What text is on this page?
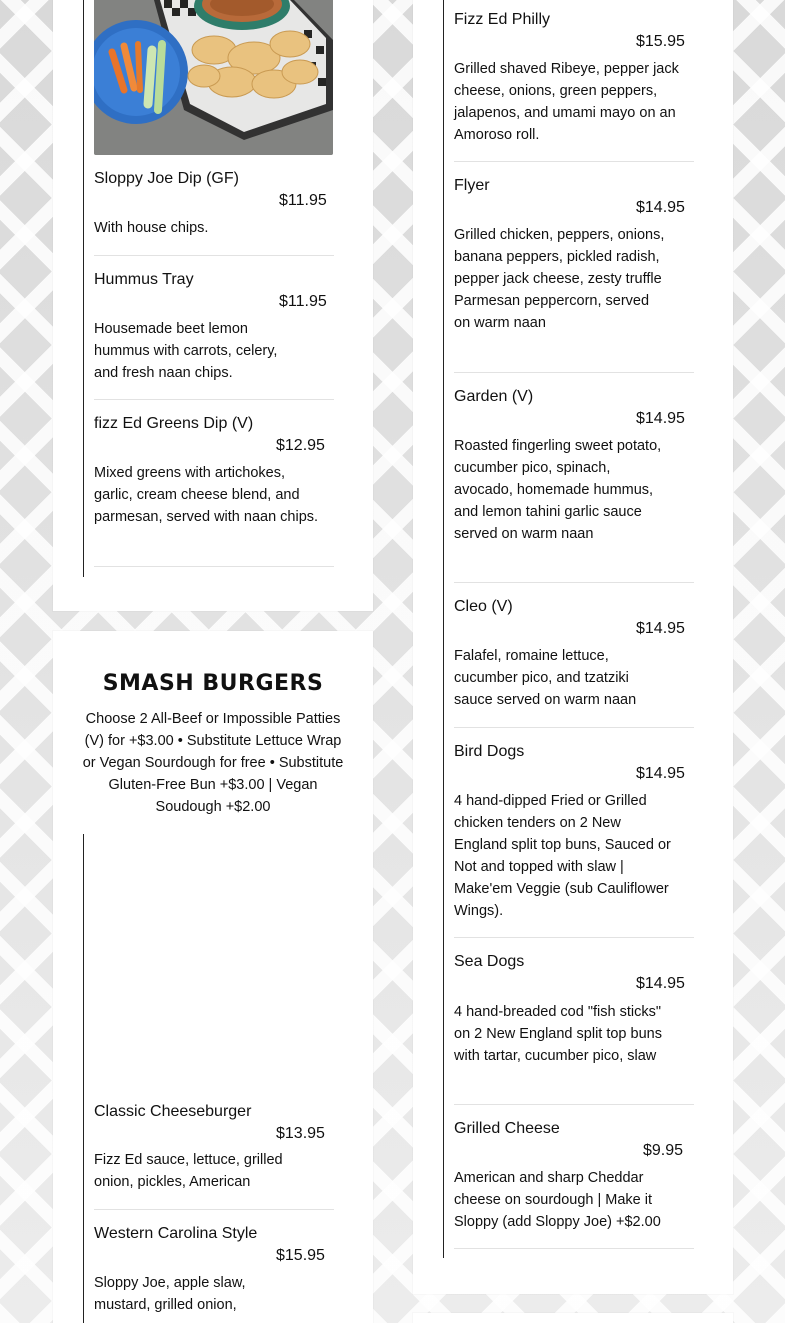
Sloppy Joe Dip (GF)
$11.95
With house chips.
Hummus Tray
$11.95
Housemade beet lemon hummus with carrots, celery, and fresh naan chips.
fizz Ed Greens Dip (V)
$12.95
Mixed greens with artichokes, garlic, cream cheese blend, and parmesan, served with naan chips.
SMASH BURGERS
Choose 2 All-Beef or Impossible Patties (V) for +$3.00 • Substitute Lettuce Wrap or Vegan Sourdough for free • Substitute Gluten-Free Bun +$3.00 | Vegan Soudough +$2.00
Classic Cheeseburger
$13.95
Fizz Ed sauce, lettuce, grilled onion, pickles, American
Western Carolina Style
$15.95
Sloppy Joe, apple slaw, mustard, grilled onion,
Fizz Ed Philly
$15.95
Grilled shaved Ribeye, pepper jack cheese, onions, green peppers, jalapenos, and umami mayo on an Amoroso roll.
Flyer
$14.95
Grilled chicken, peppers, onions, banana peppers, pickled radish, pepper jack cheese, zesty truffle Parmesan peppercorn, served on warm naan
Garden (V)
$14.95
Roasted fingerling sweet potato, cucumber pico, spinach, avocado, homemade hummus, and lemon tahini garlic sauce served on warm naan
Cleo (V)
$14.95
Falafel, romaine lettuce, cucumber pico, and tzatziki sauce served on warm naan
Bird Dogs
$14.95
4 hand-dipped Fried or Grilled chicken tenders on 2 New England split top buns, Sauced or Not and topped with slaw | Make'em Veggie (sub Cauliflower Wings).
Sea Dogs
$14.95
4 hand-breaded cod "fish sticks" on 2 New England split top buns with tartar, cucumber pico, slaw
Grilled Cheese
$9.95
American and sharp Cheddar cheese on sourdough | Make it Sloppy (add Sloppy Joe) +$2.00
